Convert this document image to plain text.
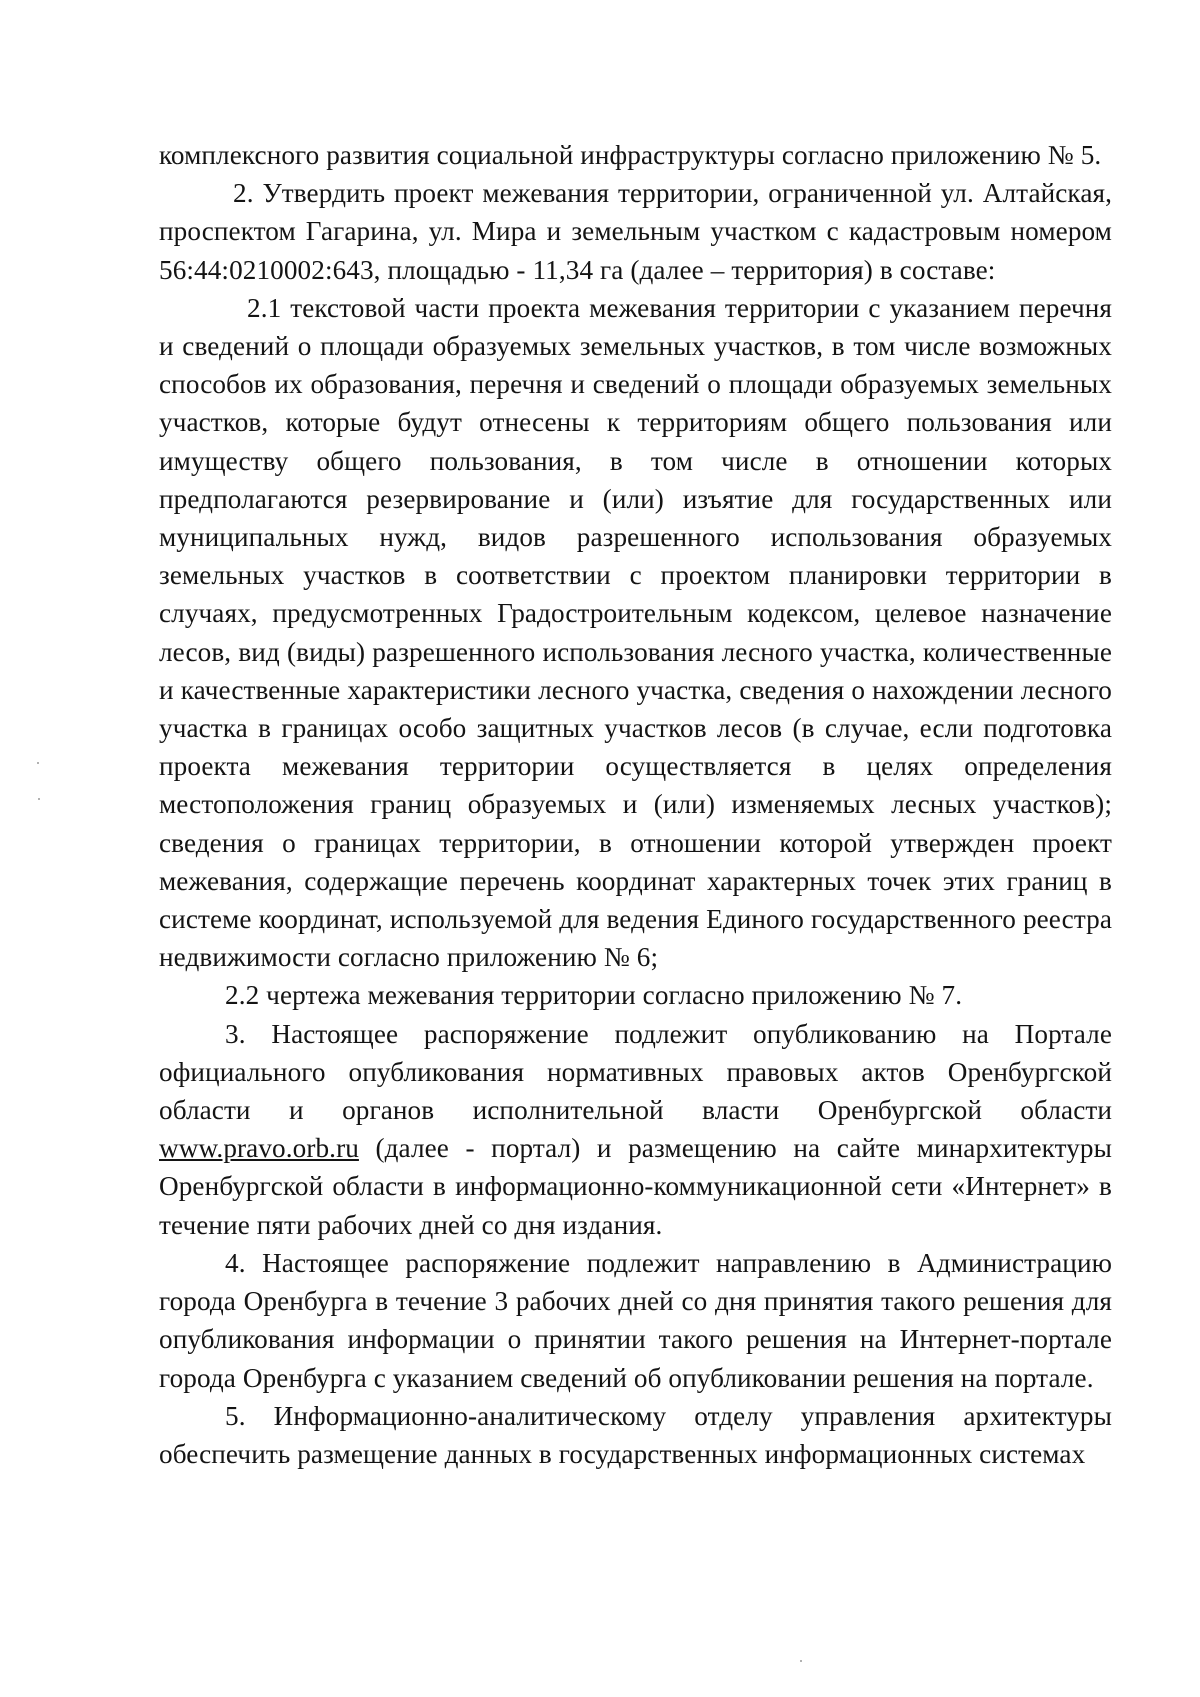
комплексного развития социальной инфраструктуры согласно приложению № 5.

2. Утвердить проект межевания территории, ограниченной ул. Алтайская, проспектом Гагарина, ул. Мира и земельным участком с кадастровым номером 56:44:0210002:643, площадью - 11,34 га (далее – территория) в составе:

2.1 текстовой части проекта межевания территории с указанием перечня и сведений о площади образуемых земельных участков, в том числе возможных способов их образования, перечня и сведений о площади образуемых земельных участков, которые будут отнесены к территориям общего пользования или имуществу общего пользования, в том числе в отношении которых предполагаются резервирование и (или) изъятие для государственных или муниципальных нужд, видов разрешенного использования образуемых земельных участков в соответствии с проектом планировки территории в случаях, предусмотренных Градостроительным кодексом, целевое назначение лесов, вид (виды) разрешенного использования лесного участка, количественные и качественные характеристики лесного участка, сведения о нахождении лесного участка в границах особо защитных участков лесов (в случае, если подготовка проекта межевания территории осуществляется в целях определения местоположения границ образуемых и (или) изменяемых лесных участков); сведения о границах территории, в отношении которой утвержден проект межевания, содержащие перечень координат характерных точек этих границ в системе координат, используемой для ведения Единого государственного реестра недвижимости согласно приложению № 6;

2.2 чертежа межевания территории согласно приложению № 7.

3. Настоящее распоряжение подлежит опубликованию на Портале официального опубликования нормативных правовых актов Оренбургской области и органов исполнительной власти Оренбургской области www.pravo.orb.ru (далее - портал) и размещению на сайте минархитектуры Оренбургской области в информационно-коммуникационной сети «Интернет» в течение пяти рабочих дней со дня издания.

4. Настоящее распоряжение подлежит направлению в Администрацию города Оренбурга в течение 3 рабочих дней со дня принятия такого решения для опубликования информации о принятии такого решения на Интернет-портале города Оренбурга с указанием сведений об опубликовании решения на портале.

5. Информационно-аналитическому отделу управления архитектуры обеспечить размещение данных в государственных информационных системах
